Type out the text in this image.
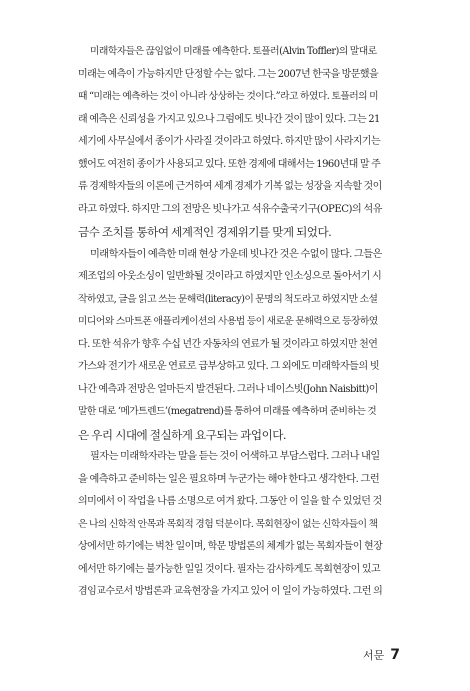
미래학자들은 끊임없이 미래를 예측한다. 토플러(Alvin Toffler)의 말대로
미래는 예측이 가능하지만 단정할 수는 없다. 그는 2007년 한국을 방문했을
때 “미래는 예측하는 것이 아니라 상상하는 것이다.”라고 하였다. 토플러의 미
래 예측은 신뢰성을 가지고 있으나 그럼에도 빗나간 것이 많이 있다. 그는 21
세기에 사무실에서 종이가 사라질 것이라고 하였다. 하지만 많이 사라지기는
했어도 여전히 종이가 사용되고 있다. 또한 경제에 대해서는 1960년대 말 주
류 경제학자들의 이론에 근거하여 세계 경제가 기복 없는 성장을 지속할 것이
라고 하였다. 하지만 그의 전망은 빗나가고 석유수출국기구(OPEC)의 석유
금수 조치를 통하여 세계적인 경제위기를 맞게 되었다.
미래학자들이 예측한 미래 현상 가운데 빗나간 것은 수없이 많다. 그들은
제조업의 아웃소싱이 일반화될 것이라고 하였지만 인소싱으로 돌아서기 시
작하였고, 글을 읽고 쓰는 문해력(literacy)이 문명의 척도라고 하였지만 소셜
미디어와 스마트폰 애플리케이션의 사용법 등이 새로운 문해력으로 등장하였
다. 또한 석유가 향후 수십 년간 자동차의 연료가 될 것이라고 하였지만 천연
가스와 전기가 새로운 연료로 급부상하고 있다. 그 외에도 미래학자들의 빗
나간 예측과 전망은 얼마든지 발견된다. 그러나 네이스빗(John Naisbitt)이
말한 대로 ‘메가트렌드’(megatrend)를 통하여 미래를 예측하며 준비하는 것
은 우리 시대에 절실하게 요구되는 과업이다.
필자는 미래학자라는 말을 듣는 것이 어색하고 부담스럽다. 그러나 내일
을 예측하고 준비하는 일은 필요하며 누군가는 해야 한다고 생각한다. 그런
의미에서 이 작업을 나름 소명으로 여겨 왔다. 그동안 이 일을 할 수 있었던 것
은 나의 신학적 안목과 목회적 경험 덕분이다. 목회현장이 없는 신학자들이 책
상에서만 하기에는 벅찬 일이며, 학문 방법론의 체계가 없는 목회자들이 현장
에서만 하기에는 불가능한 일일 것이다. 필자는 감사하게도 목회현장이 있고
겸임교수로서 방법론과 교육현장을 가지고 있어 이 일이 가능하였다. 그런 의
서문 7
